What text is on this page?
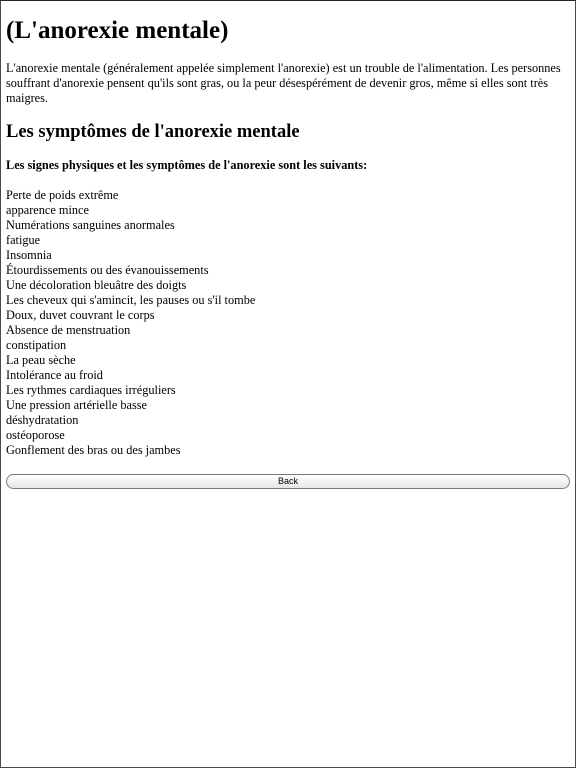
(L'anorexie mentale)

L'anorexie mentale (généralement appelée simplement l'anorexie) est un trouble de l'alimentation. Les personnes souffrant d'anorexie pensent qu'ils sont gras, ou la peur désespérément de devenir gros, même si elles sont très maigres.

Les symptômes de l'anorexie mentale

Les signes physiques et les symptômes de l'anorexie sont les suivants:

Perte de poids extrême
apparence mince
Numérations sanguines anormales
fatigue
Insomnia
Étourdissements ou des évanouissements
Une décoloration bleuâtre des doigts
Les cheveux qui s'amincit, les pauses ou s'il tombe
Doux, duvet couvrant le corps
Absence de menstruation
constipation
La peau sèche
Intolérance au froid
Les rythmes cardiaques irréguliers
Une pression artérielle basse
déshydratation
ostéoporose
Gonflement des bras ou des jambes
Back
